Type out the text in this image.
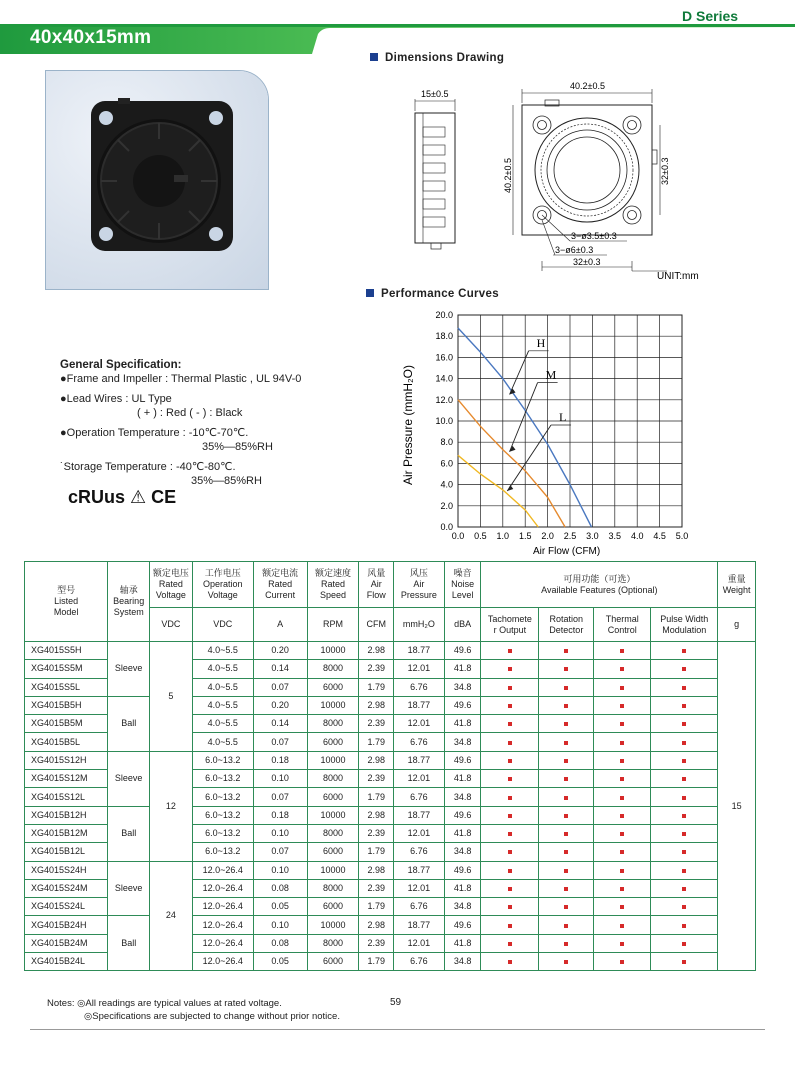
D Series
40x40x15mm
Dimensions Drawing
15±0.5
40.2±0.5
40.2±0.5	32±0.3
3−ø3.5±0.3
3−ø6±0.3
32±0.3
UNIT:mm
Performance Curves
0.0 0.5 1.0 1.5 2.0 2.5 3.0 3.5 4.0 4.5 5.0
0.0
2.0
4.0
6.0
8.0
10.0
12.0
14.0
16.0
18.0
20.0
H
M
L
Air Pressure (mmH₂O)
Air Flow (CFM)
General Specification:
●Frame and Impeller : Thermal Plastic , UL 94V-0
●Lead Wires : UL Type
( + ) : Red ( - ) : Black
●Operation Temperature : -10℃-70℃.
35%—85%RH
˙Storage Temperature : -40℃-80℃.
35%—85%RH
cRUus ⚠ CE
型号
Listed
Model	轴承
Bearing
System	额定电压
Rated
Voltage	工作电压
Operation
Voltage	额定电流
Rated
Current	额定速度
Rated
Speed	风量
Air
Flow	风压
Air
Pressure	噪音
Noise
Level	可用功能（可选）
Available Features (Optional)				重量
Weight
		VDC	VDC	A	RPM	CFM	mmH₂O	dBA	Tachomete
r Output	Rotation
Detector	Thermal
Control	Pulse Width
Modulation	g
XG4015S5H	Sleeve	5	4.0~5.5	0.20	10000	2.98	18.77	49.6					15
XG4015S5M			4.0~5.5	0.14	8000	2.39	12.01	41.8					
XG4015S5L			4.0~5.5	0.07	6000	1.79	6.76	34.8					
XG4015B5H	Ball		4.0~5.5	0.20	10000	2.98	18.77	49.6					
XG4015B5M			4.0~5.5	0.14	8000	2.39	12.01	41.8					
XG4015B5L			4.0~5.5	0.07	6000	1.79	6.76	34.8					
XG4015S12H	Sleeve	12	6.0~13.2	0.18	10000	2.98	18.77	49.6					
XG4015S12M			6.0~13.2	0.10	8000	2.39	12.01	41.8					
XG4015S12L			6.0~13.2	0.07	6000	1.79	6.76	34.8					
XG4015B12H	Ball		6.0~13.2	0.18	10000	2.98	18.77	49.6					
XG4015B12M			6.0~13.2	0.10	8000	2.39	12.01	41.8					
XG4015B12L			6.0~13.2	0.07	6000	1.79	6.76	34.8					
XG4015S24H	Sleeve	24	12.0~26.4	0.10	10000	2.98	18.77	49.6					
XG4015S24M			12.0~26.4	0.08	8000	2.39	12.01	41.8					
XG4015S24L			12.0~26.4	0.05	6000	1.79	6.76	34.8					
XG4015B24H	Ball		12.0~26.4	0.10	10000	2.98	18.77	49.6					
XG4015B24M			12.0~26.4	0.08	8000	2.39	12.01	41.8					
XG4015B24L			12.0~26.4	0.05	6000	1.79	6.76	34.8					
Notes: ◎All readings are typical values at rated voltage.
◎Specifications are subjected to change without prior notice.
59
